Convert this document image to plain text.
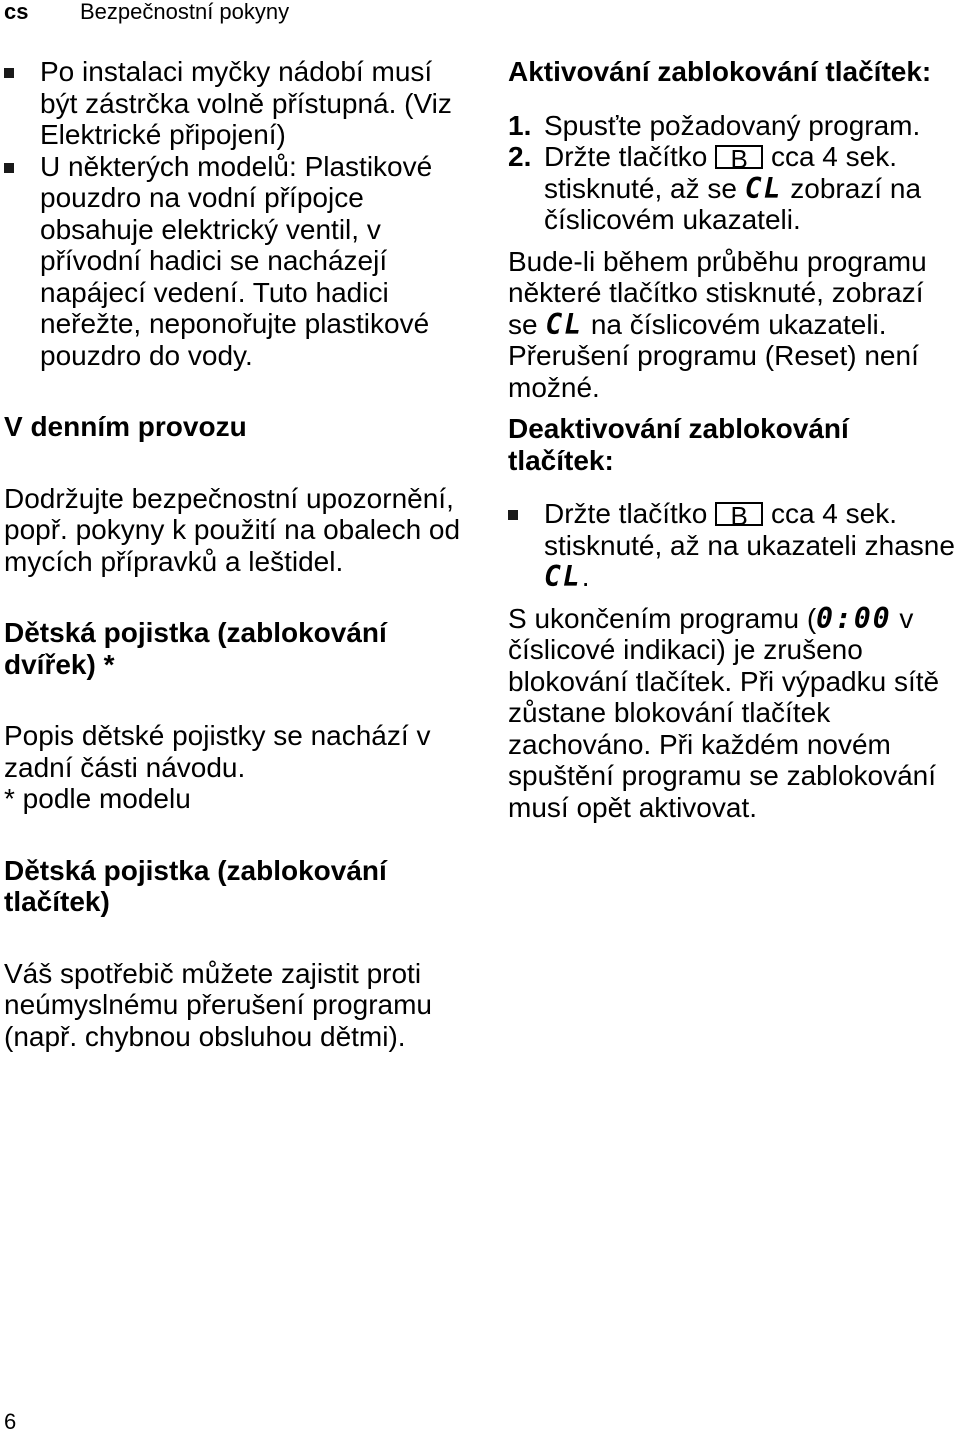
cs Bezpečnostní pokyny
Po instalaci myčky nádobí musí být zástrčka volně přístupná. (Viz Elektrické připojení)
U některých modelů: Plastikové pouzdro na vodní přípojce obsahuje elektrický ventil, v přívodní hadici se nacházejí napájecí vedení. Tuto hadici neřežte, neponořujte plastikové pouzdro do vody.
V denním provozu

Dodržujte bezpečnostní upozornění, popř. pokyny k použití na obalech od mycích přípravků a leštidel.

Dětská pojistka (zablokování dvířek) *

Popis dětské pojistky se nachází v zadní části návodu.

* podle modelu

Dětská pojistka (zablokování tlačítek)

Váš spotřebič můžete zajistit proti neúmyslnému přerušení programu (např. chybnou obsluhou dětmi).

Aktivování zablokování tlačítek:
1. Spusťte požadovaný program.
2. Držte tlačítko B cca 4 sek. stisknuté, až se CL zobrazí na číslicovém ukazateli.

Bude-li během průběhu programu některé tlačítko stisknuté, zobrazí se CL na číslicovém ukazateli. Přerušení programu (Reset) není možné.

Deaktivování zablokování tlačítek:
Držte tlačítko B cca 4 sek. stisknuté, až na ukazateli zhasne CL.

S ukončením programu (0:00 v číslicové indikaci) je zrušeno blokování tlačítek. Při výpadku sítě zůstane blokování tlačítek zachováno. Při každém novém spuštění programu se zablokování musí opět aktivovat.

6
